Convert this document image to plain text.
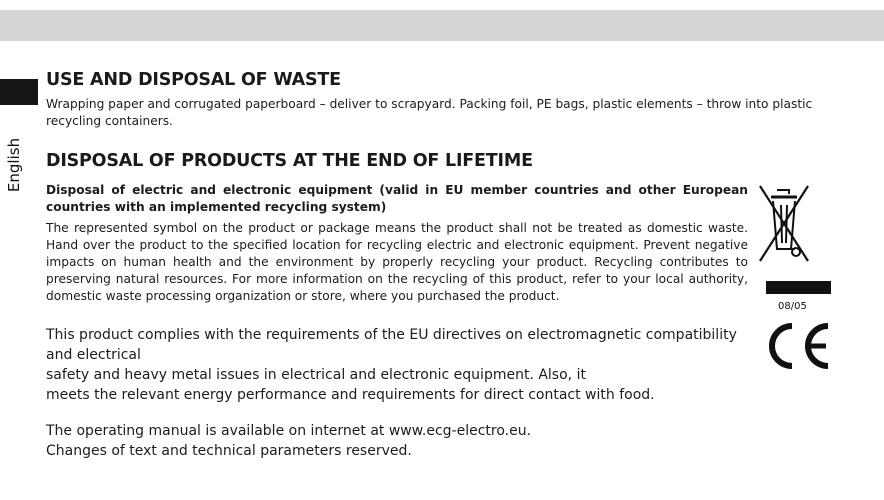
English
USE AND DISPOSAL OF WASTE
Wrapping paper and corrugated paperboard – deliver to scrapyard. Packing foil, PE bags, plastic elements – throw into plastic recycling containers.
DISPOSAL OF PRODUCTS AT THE END OF LIFETIME
Disposal of electric and electronic equipment (valid in EU member countries and other European countries with an implemented recycling system)
The represented symbol on the product or package means the product shall not be treated as domestic waste. Hand over the product to the specified location for recycling electric and electronic equipment. Prevent negative impacts on human health and the environment by properly recycling your product. Recycling contributes to preserving natural resources. For more information on the recycling of this product, refer to your local authority, domestic waste processing organization or store, where you purchased the product.
08/05
This product complies with the requirements of the EU directives on electromagnetic compatibility
and electrical
safety and heavy metal issues in electrical and electronic equipment. Also, it
meets the relevant energy performance and requirements for direct contact with food.
The operating manual is available on internet at www.ecg-electro.eu.
Changes of text and technical parameters reserved.
